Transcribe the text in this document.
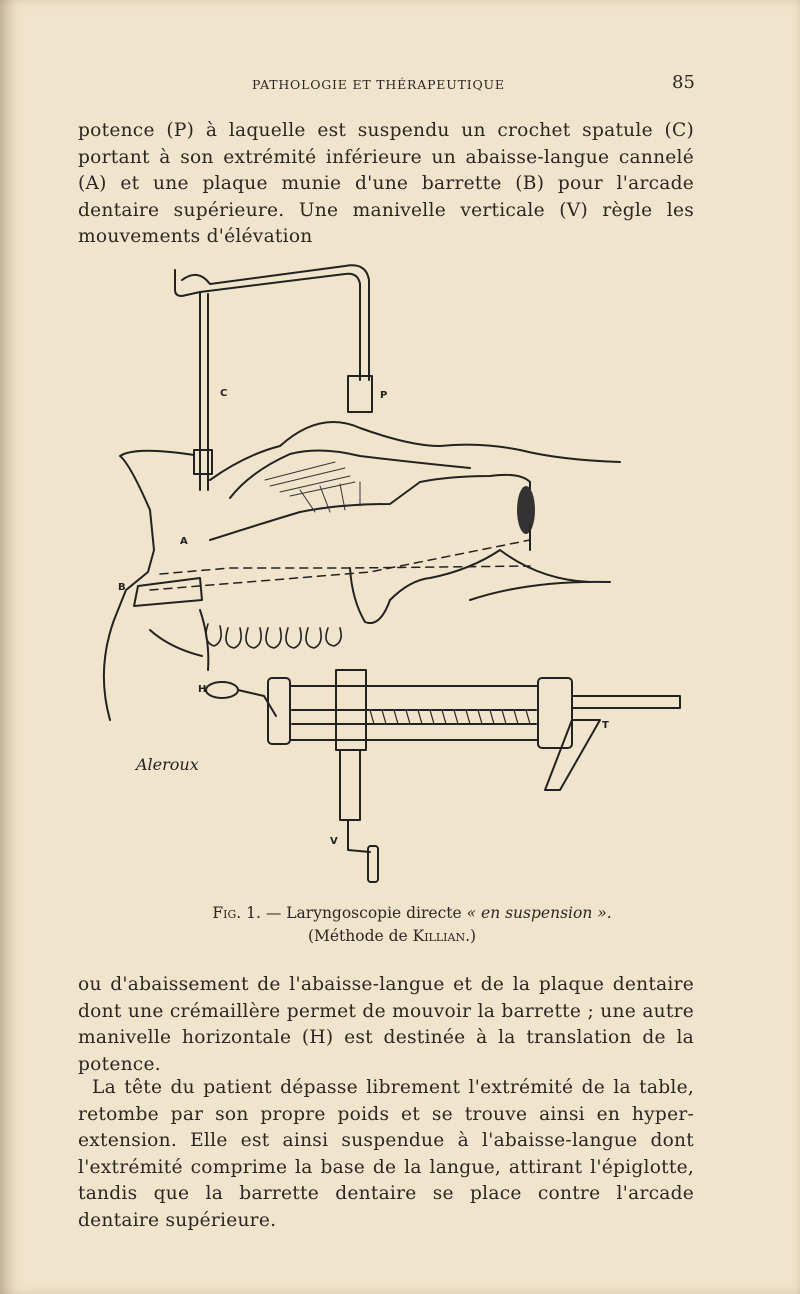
PATHOLOGIE ET THÉRAPEUTIQUE	85

potence (P) à laquelle est suspendu un crochet spatule (C) portant à son extrémité inférieure un abaisse-langue cannelé (A) et une plaque munie d'une barrette (B) pour l'arcade dentaire supérieure. Une manivelle verticale (V) règle les mouvements d'élévation

C	P
A
B
H
T
V
Aleroux
Fig. 1. — Laryngoscopie directe « en suspension ».
(Méthode de Killian.)

ou d'abaissement de l'abaisse-langue et de la plaque dentaire dont une crémaillère permet de mouvoir la barrette ; une autre manivelle horizontale (H) est destinée à la translation de la potence.

La tête du patient dépasse librement l'extrémité de la table, retombe par son propre poids et se trouve ainsi en hyper-extension. Elle est ainsi suspendue à l'abaisse-langue dont l'extrémité comprime la base de la langue, attirant l'épiglotte, tandis que la barrette dentaire se place contre l'arcade dentaire supérieure.
